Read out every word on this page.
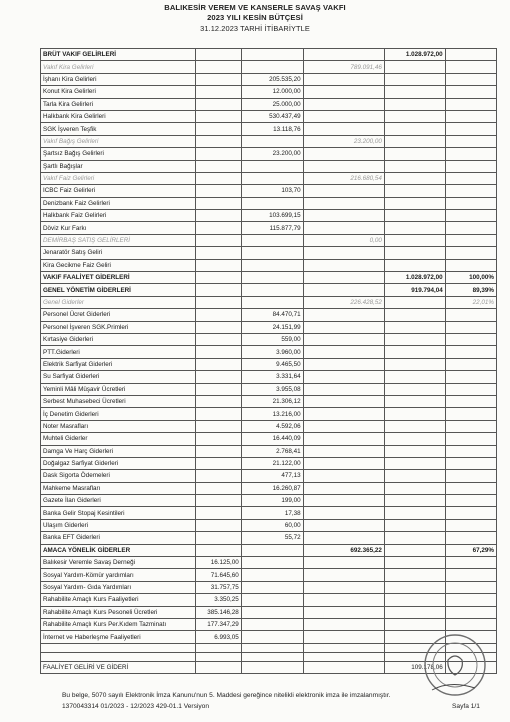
BALIKESİR VEREM VE KANSERLE SAVAŞ VAKFI
2023 YILI KESİN BÜTÇESİ
31.12.2023 TARHİ İTİBARİYTLE
BRÜT VAKIF GELİRLERİ				1.028.972,00	
Vakıf Kira Gelirleri			789.091,46		
İşhanı Kira Gelirleri		205.535,20			
Konut Kira Gelirleri		12.000,00			
Tarla Kira Gelirleri		25.000,00			
Halkbank Kira Gelirleri		530.437,49			
SGK İşveren Teşfik		13.118,76			
Vakıf Bağış Gelirleri			23.200,00		
Şartsız Bağış Gelirleri		23.200,00			
Şartlı Bağışlar					
Vakıf Faiz Gelirleri			216.680,54		
ICBC Faiz Gelirleri		103,70			
Denizbank Faiz Gelirleri					
Halkbank Faiz Gelirleri		103.699,15			
Döviz Kur Farkı		115.877,79			
DEMİRBAŞ SATIŞ GELİRLERİ			0,00		
Jenaratör Satış Geliri					
Kira Gecikme Faiz Geliri					
VAKIF FAALİYET GİDERLERİ				1.028.972,00	100,00%
GENEL YÖNETİM GİDERLERİ				919.794,04	89,39%
Genel Giderler			226.428,52		22,01%
Personel Ücret Giderleri		84.470,71			
Personel İşveren SGK.Primleri		24.151,99			
Kırtasiye Giderleri		559,00			
PTT.Giderleri		3.960,00			
Elektrik Sarfiyat Giderleri		9.465,50			
Su Sarfiyat Giderleri		3.331,64			
Yeminli Mâli Müşavir Ücretleri		3.955,08			
Serbest Muhasebeci Ücretleri		21.306,12			
İç Denetim Giderleri		13.216,00			
Noter Masrafları		4.592,06			
Muhteli Giderler		16.440,09			
Damga Ve Harç Giderleri		2.768,41			
Doğalgaz Sarfiyat Giderleri		21.122,00			
Dask Sigorta Ödemeleri		477,13			
Mahkeme Masrafları		16.260,87			
Gazete İlan Giderleri		199,00			
Banka Gelir Stopaj Kesintileri		17,38			
Ulaşım Giderleri		60,00			
Banka EFT Giderleri		55,72			
AMACA YÖNELİK GİDERLER			692.365,22		67,29%
Balıkesir Veremle Savaş Derneği	16.125,00				
Sosyal Yardım-Kömür yardımları	71.645,60				
Sosyal Yardım- Gıda Yardımları	31.757,75				
Rahabilite Amaçlı Kurs Faaliyetleri	3.350,25				
Rahabilite Amaçlı Kurs Pesoneli Ücretleri	385.146,28				
Rahabilite Amaçlı Kurs Per.Kıdem Tazminatı	177.347,29				
İnternet ve Haberleşme Faaliyetleri	6.993,05				

FAALİYET GELİRİ VE GİDERİ				109.178,06	
Bu belge, 5070 sayılı Elektronik İmza Kanunu'nun 5. Maddesi gereğince nitelikli elektronik imza ile imzalanmıştır.
1370043314 01/2023 - 12/2023 429-01.1 Versiyon	Sayfa 1/1
